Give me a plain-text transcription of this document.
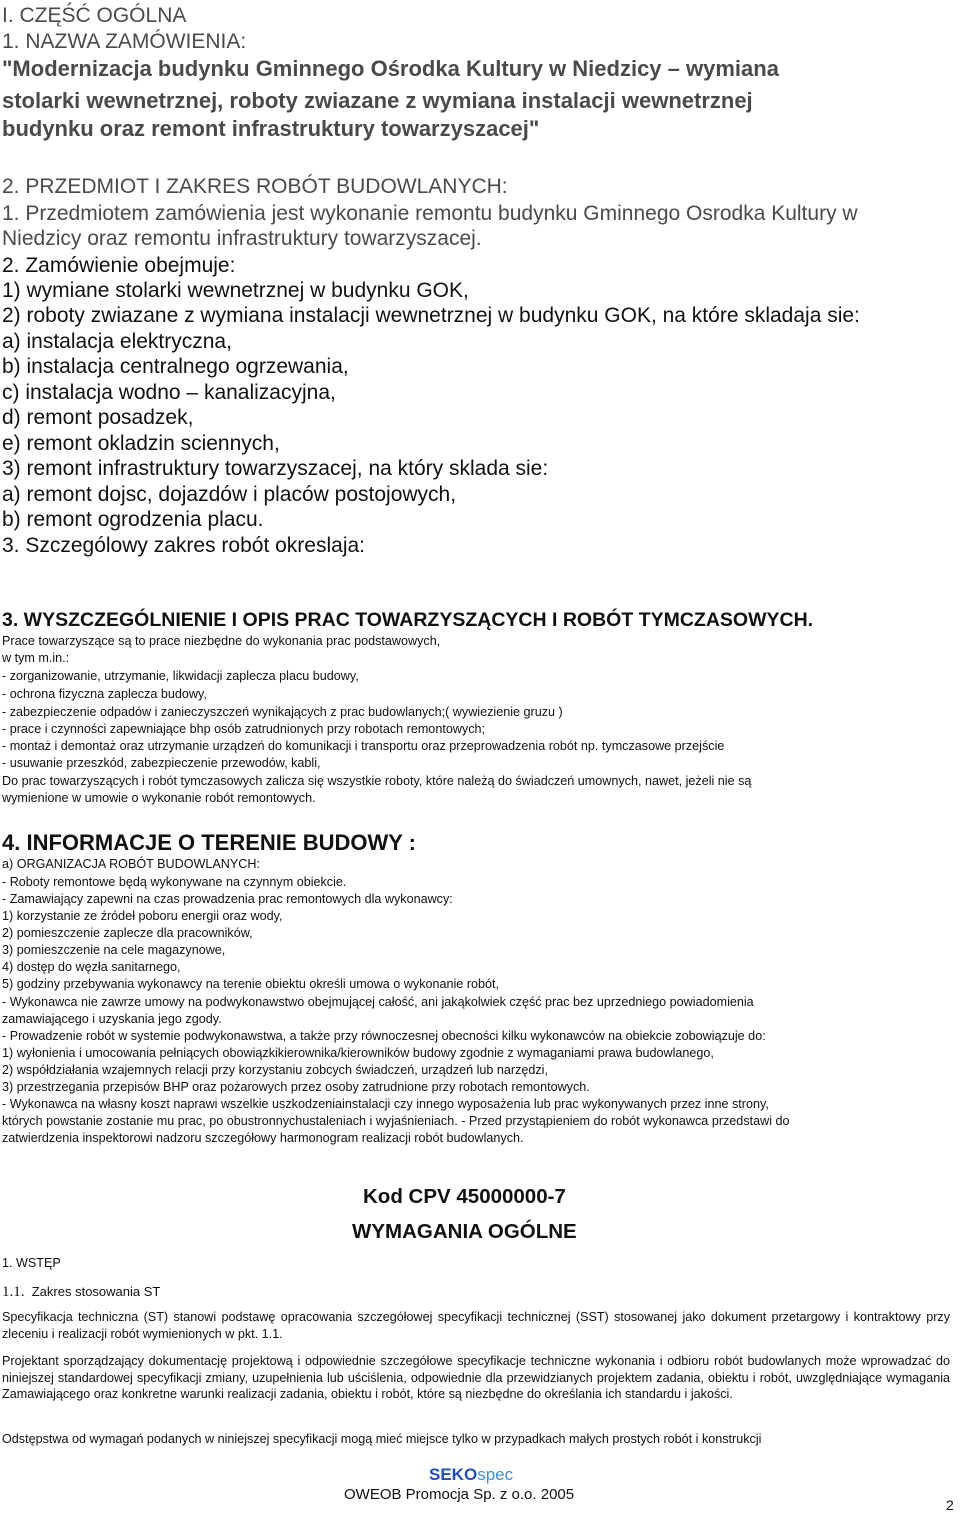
I. CZĘŚĆ OGÓLNA
1. NAZWA ZAMÓWIENIA:
"Modernizacja budynku Gminnego Ośrodka Kultury w Niedzicy – wymiana
stolarki wewnetrznej, roboty zwiazane z wymiana instalacji wewnetrznej
budynku oraz remont infrastruktury towarzyszacej"
2. PRZEDMIOT I ZAKRES ROBÓT BUDOWLANYCH:
1. Przedmiotem zamówienia jest wykonanie remontu budynku Gminnego Osrodka Kultury w
Niedzicy oraz remontu infrastruktury towarzyszacej.
2. Zamówienie obejmuje:
1) wymiane stolarki wewnetrznej w budynku GOK,
2) roboty zwiazane z wymiana instalacji wewnetrznej w budynku GOK, na które skladaja sie:
a) instalacja elektryczna,
b) instalacja centralnego ogrzewania,
c) instalacja wodno – kanalizacyjna,
d) remont posadzek,
e) remont okladzin sciennych,
3) remont infrastruktury towarzyszacej, na który sklada sie:
a) remont dojsc, dojazdów i placów postojowych,
b) remont ogrodzenia placu.
3. Szczególowy zakres robót okreslaja:
3. WYSZCZEGÓLNIENIE I OPIS PRAC TOWARZYSZĄCYCH I ROBÓT TYMCZASOWYCH.
Prace towarzyszące są to prace niezbędne do wykonania prac podstawowych,
w tym m.in.:
- zorganizowanie, utrzymanie, likwidacji zaplecza placu budowy,
- ochrona fizyczna zaplecza budowy,
- zabezpieczenie odpadów i zanieczyszczeń wynikających z prac budowlanych;( wywiezienie gruzu )
- prace i czynności zapewniające bhp osób zatrudnionych przy robotach remontowych;
- montaż i demontaż oraz utrzymanie urządzeń do komunikacji i transportu oraz przeprowadzenia robót np. tymczasowe przejście
- usuwanie przeszkód, zabezpieczenie przewodów, kabli,
Do prac towarzyszących i robót tymczasowych zalicza się wszystkie roboty, które należą do świadczeń umownych, nawet, jeżeli nie są
wymienione w umowie o wykonanie robót remontowych.
4. INFORMACJE O TERENIE BUDOWY :
a) ORGANIZACJA ROBÓT BUDOWLANYCH:
- Roboty remontowe będą wykonywane na czynnym obiekcie.
- Zamawiający zapewni na czas prowadzenia prac remontowych dla wykonawcy:
1) korzystanie ze źródeł poboru energii oraz wody,
2) pomieszczenie zaplecze dla pracowników,
3) pomieszczenie na cele magazynowe,
4) dostęp do węzła sanitarnego,
5) godziny przebywania wykonawcy na terenie obiektu określi umowa o wykonanie robót,
- Wykonawca nie zawrze umowy na podwykonawstwo obejmującej całość, ani jakąkolwiek część prac bez uprzedniego powiadomienia
zamawiającego i uzyskania jego zgody.
- Prowadzenie robót w systemie podwykonawstwa, a także przy równoczesnej obecności kilku wykonawców na obiekcie zobowiązuje do:
1) wyłonienia i umocowania pełniących obowiązkikierownika/kierowników budowy zgodnie z wymaganiami prawa budowlanego,
2) współdziałania wzajemnych relacji przy korzystaniu zobcych świadczeń, urządzeń lub narzędzi,
3) przestrzegania przepisów BHP oraz pożarowych przez osoby zatrudnione przy robotach remontowych.
- Wykonawca na własny koszt naprawi wszelkie uszkodzeniainstalacji czy innego wyposażenia lub prac wykonywanych przez inne strony,
których powstanie zostanie mu prac, po obustronnychustaleniach i wyjaśnieniach. - Przed przystąpieniem do robót wykonawca przedstawi do
zatwierdzenia inspektorowi nadzoru szczegółowy harmonogram realizacji robót budowlanych.
Kod CPV 45000000-7
WYMAGANIA OGÓLNE
1. WSTĘP
1.1. Zakres stosowania ST
Specyfikacja techniczna (ST) stanowi podstawę opracowania szczegółowej specyfikacji technicznej (SST) stosowanej jako dokument przetargowy i kontraktowy przy zleceniu i realizacji robót wymienionych w pkt. 1.1.
Projektant sporządzający dokumentację projektową i odpowiednie szczegółowe specyfikacje techniczne wykonania i odbioru robót budowlanych może wprowadzać do niniejszej standardowej specyfikacji zmiany, uzupełnienia lub uściślenia, odpowiednie dla przewidzianych projektem zadania, obiektu i robót, uwzględniające wymagania Zamawiającego oraz konkretne warunki realizacji zadania, obiektu i robót, które są niezbędne do określania ich standardu i jakości.
Odstępstwa od wymagań podanych w niniejszej specyfikacji mogą mieć miejsce tylko w przypadkach małych prostych robót i konstrukcji
SEKOspec
OWEOB Promocja Sp. z o.o. 2005
2
